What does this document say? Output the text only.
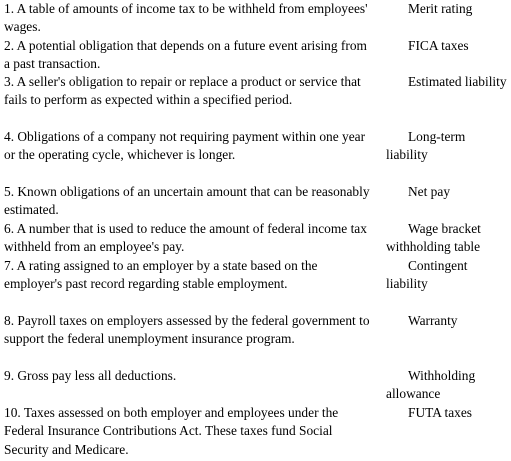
1. A table of amounts of income tax to be withheld from employees' wages.
Merit rating
2. A potential obligation that depends on a future event arising from a past transaction.
FICA taxes
3. A seller's obligation to repair or replace a product or service that fails to perform as expected within a specified period.
Estimated liability
4. Obligations of a company not requiring payment within one year or the operating cycle, whichever is longer.
Long-term liability
5. Known obligations of an uncertain amount that can be reasonably estimated.
Net pay
6. A number that is used to reduce the amount of federal income tax withheld from an employee's pay.
Wage bracket withholding table
7. A rating assigned to an employer by a state based on the employer's past record regarding stable employment.
Contingent liability
8. Payroll taxes on employers assessed by the federal government to support the federal unemployment insurance program.
Warranty
9. Gross pay less all deductions.	Withholding allowance
10. Taxes assessed on both employer and employees under the Federal Insurance Contributions Act. These taxes fund Social Security and Medicare.
FUTA taxes
